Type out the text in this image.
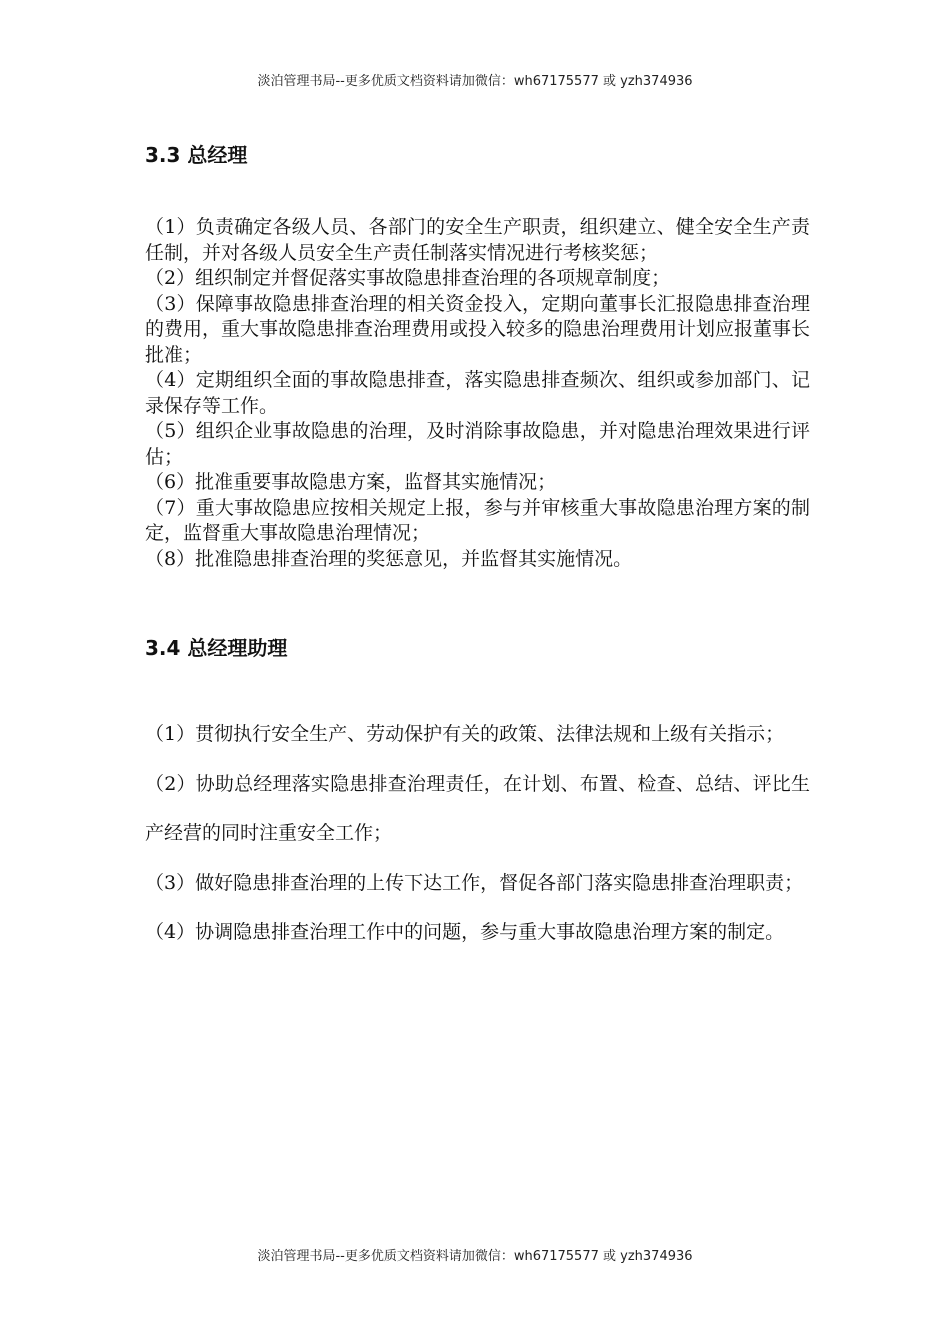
淡泊管理书局--更多优质文档资料请加微信：wh67175577 或 yzh374936
3.3 总经理

（1）负责确定各级人员、各部门的安全生产职责，组织建立、健全安全生产责任制，并对各级人员安全生产责任制落实情况进行考核奖惩；

（2）组织制定并督促落实事故隐患排查治理的各项规章制度；

（3）保障事故隐患排查治理的相关资金投入，定期向董事长汇报隐患排查治理的费用，重大事故隐患排查治理费用或投入较多的隐患治理费用计划应报董事长批准；

（4）定期组织全面的事故隐患排查，落实隐患排查频次、组织或参加部门、记录保存等工作。

（5）组织企业事故隐患的治理，及时消除事故隐患，并对隐患治理效果进行评估；

（6）批准重要事故隐患方案，监督其实施情况；

（7）重大事故隐患应按相关规定上报，参与并审核重大事故隐患治理方案的制定，监督重大事故隐患治理情况；

（8）批准隐患排查治理的奖惩意见，并监督其实施情况。

3.4 总经理助理

（1）贯彻执行安全生产、劳动保护有关的政策、法律法规和上级有关指示；

（2）协助总经理落实隐患排查治理责任，在计划、布置、检查、总结、评比生产经营的同时注重安全工作；

（3）做好隐患排查治理的上传下达工作，督促各部门落实隐患排查治理职责；

（4）协调隐患排查治理工作中的问题，参与重大事故隐患治理方案的制定。

淡泊管理书局--更多优质文档资料请加微信：wh67175577 或 yzh374936
